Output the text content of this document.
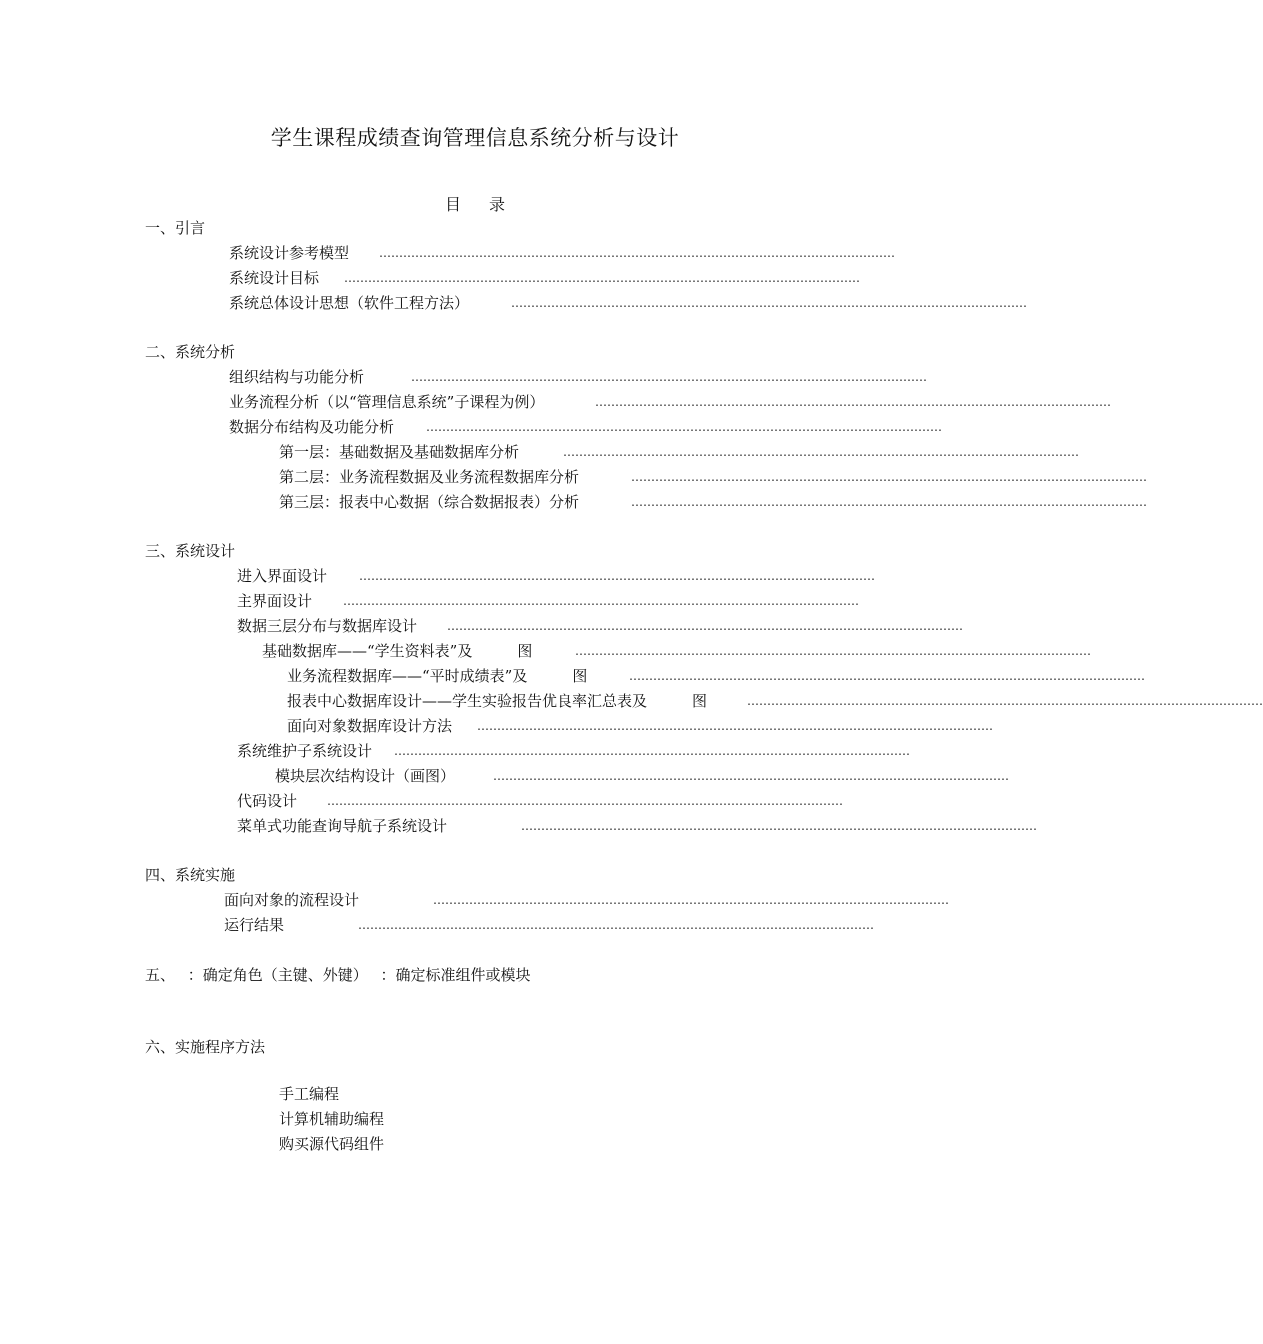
学生课程成绩查询管理信息系统分析与设计
目录
一、引言
系统设计参考模型 …………………………………………………………………………………………………………………
系统设计目标 …………………………………………………………………………………………………………………
系统总体设计思想（软件工程方法）	…………………………………………………………………………………………………………………
二、系统分析
组织结构与功能分析	…………………………………………………………………………………………………………………
业务流程分析（以“管理信息系统”子课程为例）	…………………………………………………………………………………………………………………
数据分布结构及功能分析	…………………………………………………………………………………………………………………
第一层：基础数据及基础数据库分析	…………………………………………………………………………………………………………………
第二层：业务流程数据及业务流程数据库分析	…………………………………………………………………………………………………………………
第三层：报表中心数据（综合数据报表）分析	…………………………………………………………………………………………………………………
三、系统设计
进入界面设计	…………………………………………………………………………………………………………………
主界面设计	…………………………………………………………………………………………………………………
数据三层分布与数据库设计 …………………………………………………………………………………………………………………
基础数据库——“学生资料表”及　　　图	…………………………………………………………………………………………………………………
业务流程数据库——“平时成绩表”及　　　图	…………………………………………………………………………………………………………………
报表中心数据库设计——学生实验报告优良率汇总表及　　　图	…………………………………………………………………………………………………………………
面向对象数据库设计方法 …………………………………………………………………………………………………………………
系统维护子系统设计 …………………………………………………………………………………………………………………
模块层次结构设计（画图）	…………………………………………………………………………………………………………………
代码设计 …………………………………………………………………………………………………………………
菜单式功能查询导航子系统设计	…………………………………………………………………………………………………………………
四、系统实施
面向对象的流程设计	…………………………………………………………………………………………………………………
运行结果	…………………………………………………………………………………………………………………
五、 ：确定角色（主键、外键） ：确定标准组件或模块
六、实施程序方法
手工编程
计算机辅助编程
购买源代码组件
